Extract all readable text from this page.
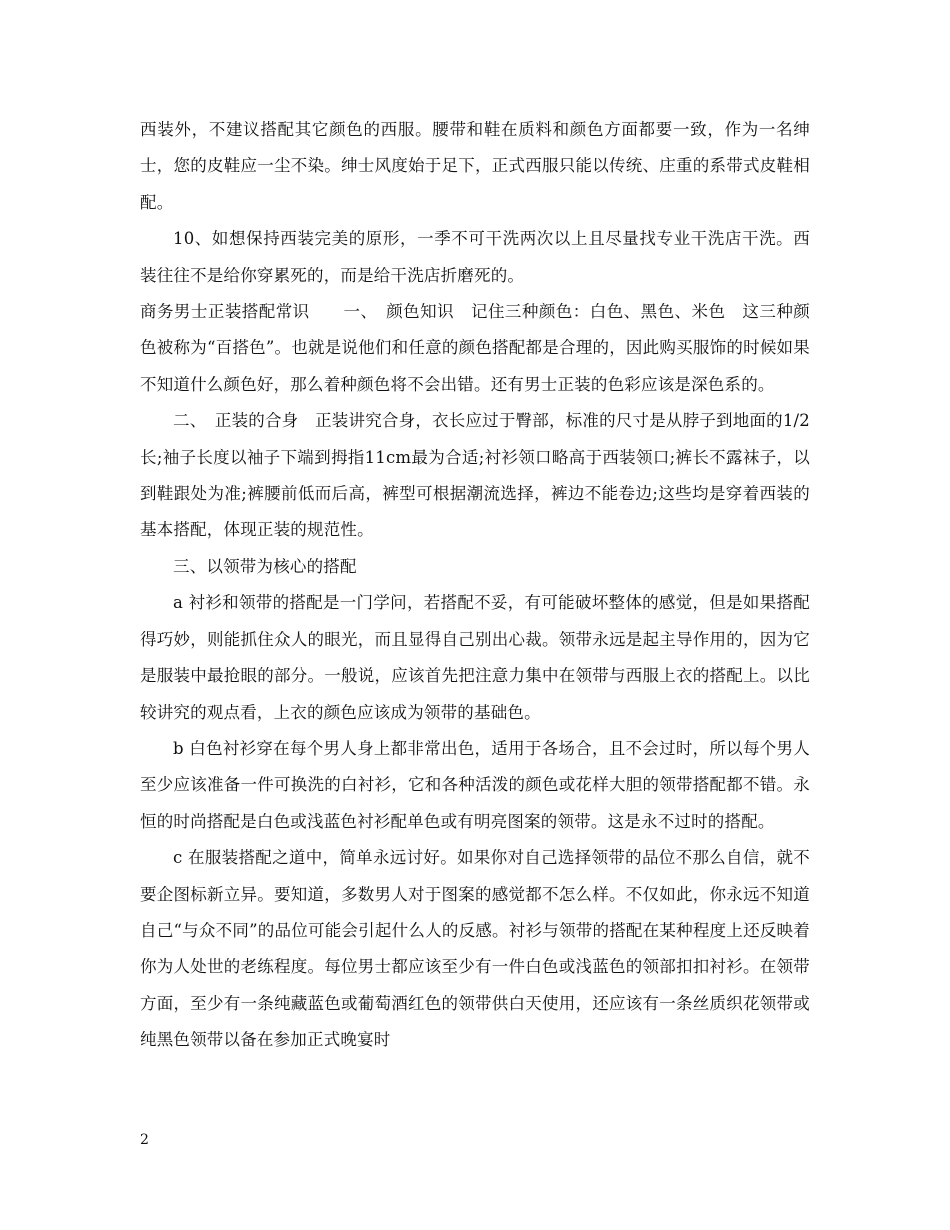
西装外，不建议搭配其它颜色的西服。腰带和鞋在质料和颜色方面都要一致，作为一名绅士，您的皮鞋应一尘不染。绅士风度始于足下，正式西服只能以传统、庄重的系带式皮鞋相配。

10、如想保持西装完美的原形，一季不可干洗两次以上且尽量找专业干洗店干洗。西装往往不是给你穿累死的，而是给干洗店折磨死的。

商务男士正装搭配常识　　一、　颜色知识　记住三种颜色：白色、黑色、米色　这三种颜色被称为“百搭色”。也就是说他们和任意的颜色搭配都是合理的，因此购买服饰的时候如果不知道什么颜色好，那么着种颜色将不会出错。还有男士正装的色彩应该是深色系的。

二、　正装的合身　正装讲究合身，衣长应过于臀部，标准的尺寸是从脖子到地面的1/2长;袖子长度以袖子下端到拇指11cm最为合适;衬衫领口略高于西装领口;裤长不露袜子，以到鞋跟处为准;裤腰前低而后高，裤型可根据潮流选择，裤边不能卷边;这些均是穿着西装的基本搭配，体现正装的规范性。

三、以领带为核心的搭配

a 衬衫和领带的搭配是一门学问，若搭配不妥，有可能破坏整体的感觉，但是如果搭配得巧妙，则能抓住众人的眼光，而且显得自己别出心裁。领带永远是起主导作用的，因为它是服装中最抢眼的部分。一般说，应该首先把注意力集中在领带与西服上衣的搭配上。以比较讲究的观点看，上衣的颜色应该成为领带的基础色。

b 白色衬衫穿在每个男人身上都非常出色，适用于各场合，且不会过时，所以每个男人至少应该准备一件可换洗的白衬衫，它和各种活泼的颜色或花样大胆的领带搭配都不错。永恒的时尚搭配是白色或浅蓝色衬衫配单色或有明亮图案的领带。这是永不过时的搭配。

c 在服装搭配之道中，简单永远讨好。如果你对自己选择领带的品位不那么自信，就不要企图标新立异。要知道，多数男人对于图案的感觉都不怎么样。不仅如此，你永远不知道自己“与众不同”的品位可能会引起什么人的反感。衬衫与领带的搭配在某种程度上还反映着你为人处世的老练程度。每位男士都应该至少有一件白色或浅蓝色的领部扣扣衬衫。在领带方面，至少有一条纯藏蓝色或葡萄酒红色的领带供白天使用，还应该有一条丝质织花领带或纯黑色领带以备在参加正式晚宴时

2
